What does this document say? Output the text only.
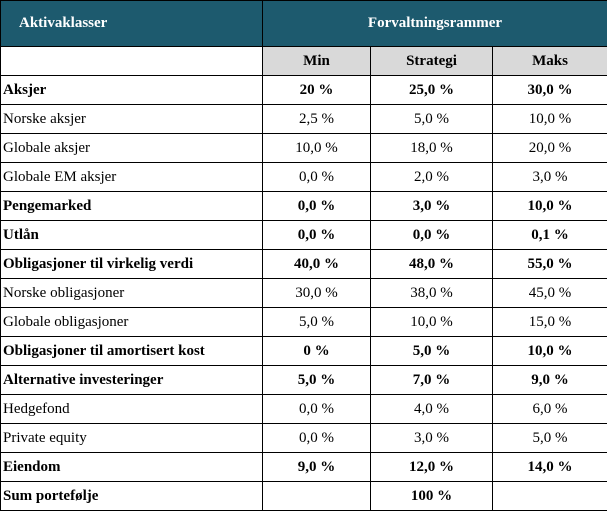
Aktivaklasser	Forvaltningsrammer		
	Min	Strategi	Maks
Aksjer	20 %	25,0 %	30,0 %
Norske aksjer	2,5 %	5,0 %	10,0 %
Globale aksjer	10,0 %	18,0 %	20,0 %
Globale EM aksjer	0,0 %	2,0 %	3,0 %
Pengemarked	0,0 %	3,0 %	10,0 %
Utlån	0,0 %	0,0 %	0,1 %
Obligasjoner til virkelig verdi	40,0 %	48,0 %	55,0 %
Norske obligasjoner	30,0 %	38,0 %	45,0 %
Globale obligasjoner	5,0 %	10,0 %	15,0 %
Obligasjoner til amortisert kost	0 %	5,0 %	10,0 %
Alternative investeringer	5,0 %	7,0 %	9,0 %
Hedgefond	0,0 %	4,0 %	6,0 %
Private equity	0,0 %	3,0 %	5,0 %
Eiendom	9,0 %	12,0 %	14,0 %
Sum portefølje		100 %	
